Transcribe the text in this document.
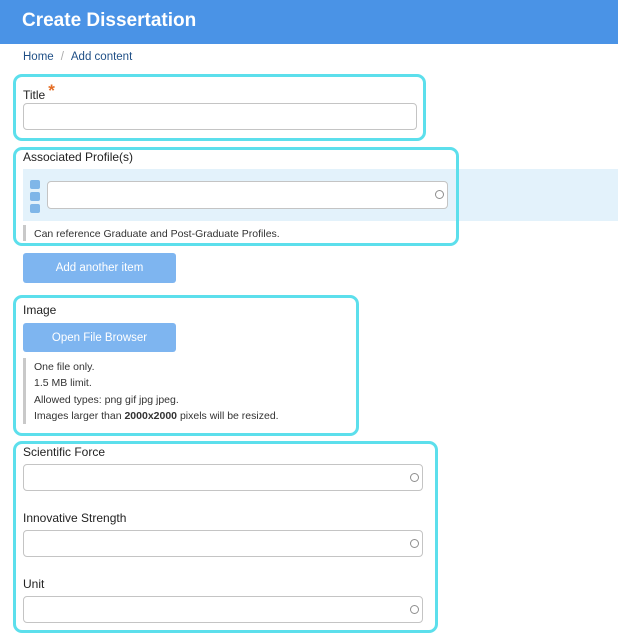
Create Dissertation
Home / Add content
Title *
Associated Profile(s)
Can reference Graduate and Post-Graduate Profiles.
Add another item
Image
Open File Browser
One file only.
1.5 MB limit.
Allowed types: png gif jpg jpeg.
Images larger than 2000x2000 pixels will be resized.
Scientific Force
Innovative Strength
Unit
